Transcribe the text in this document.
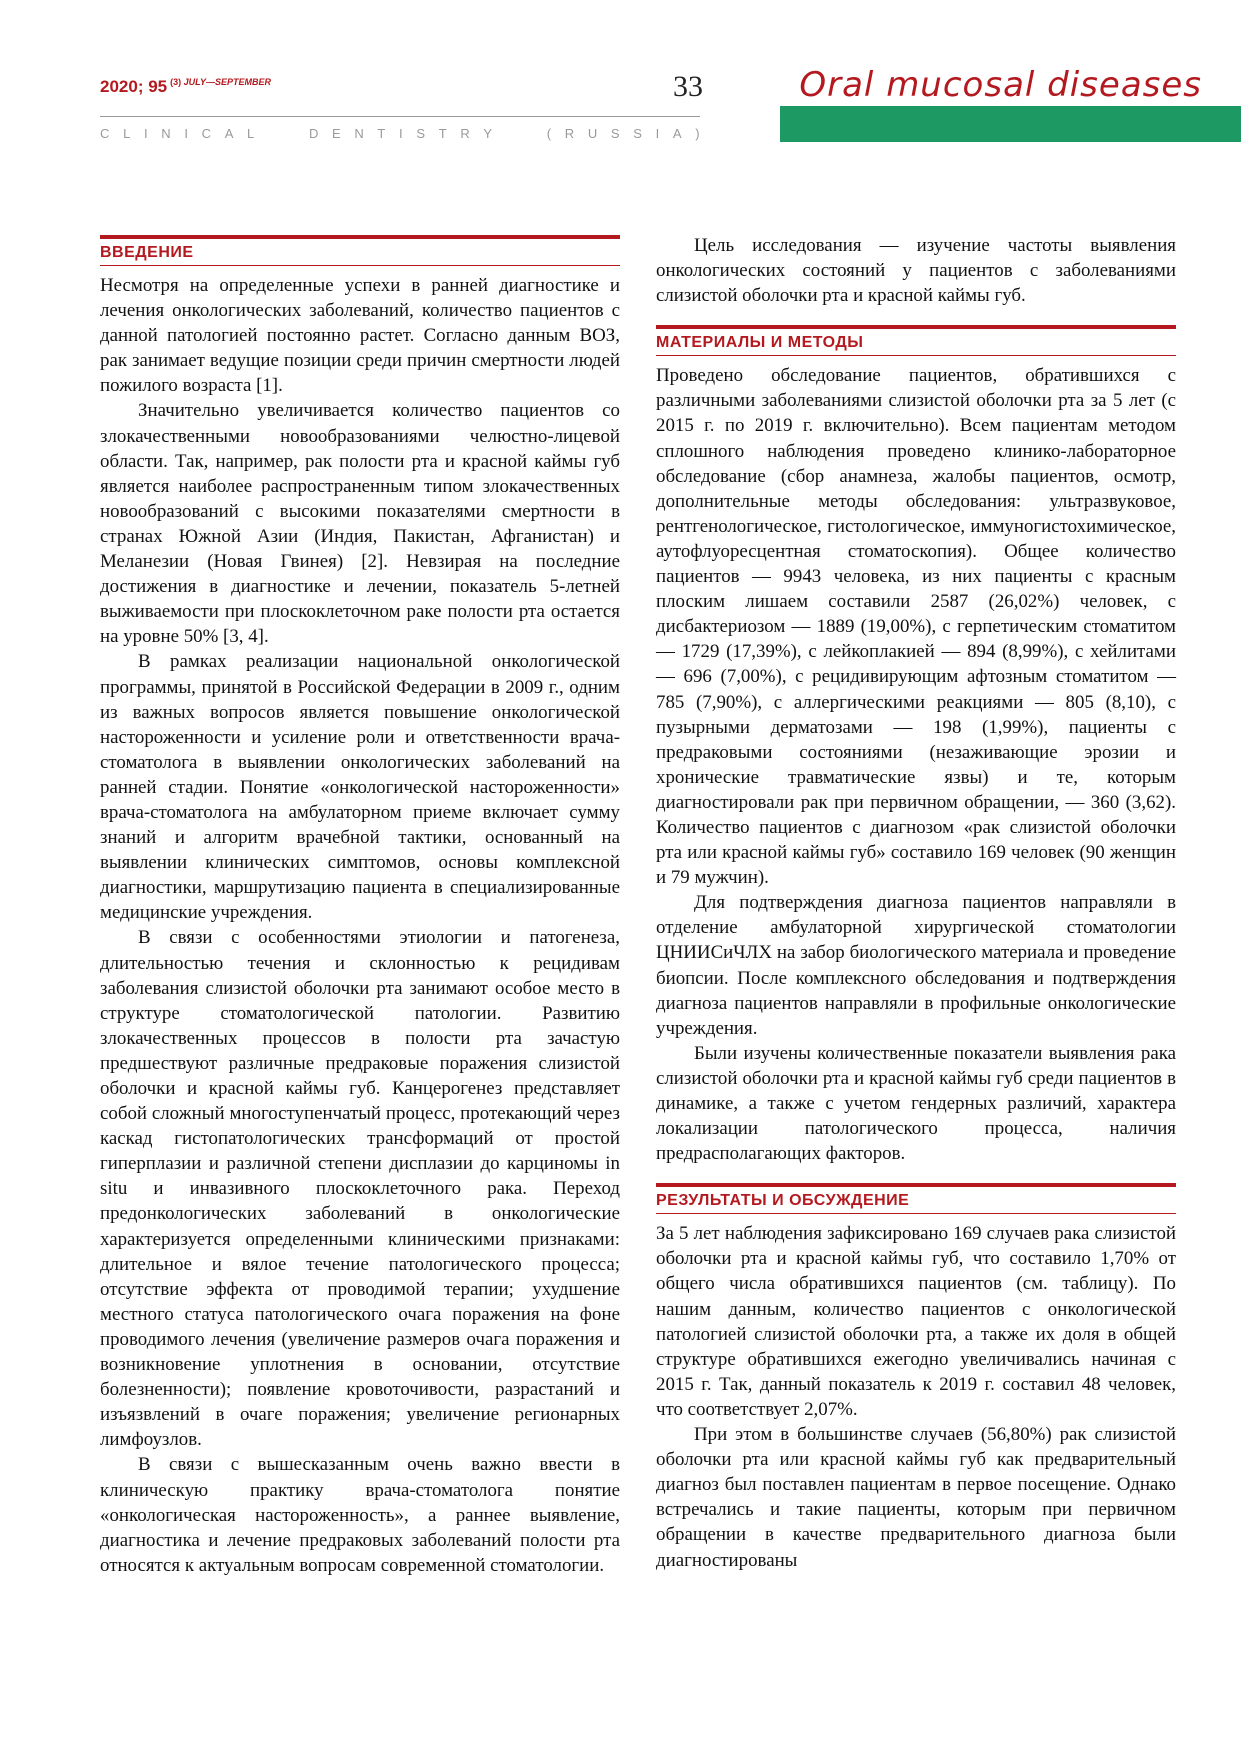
2020; 95 $^{(3) JULY—SEPTEMBER}$	33
C L I N I C A L	D E N T I S T R Y	( R U S S I A )
Oral mucosal diseases
ВВЕДЕНИЕ

Несмотря на определенные успехи в ранней диагностике и лечения онкологических заболеваний, количество пациентов с данной патологией постоянно растет. Согласно данным ВОЗ, рак занимает ведущие позиции среди причин смертности людей пожилого возраста [1].

Значительно увеличивается количество пациентов со злокачественными новообразованиями челюстно-лицевой области. Так, например, рак полости рта и красной каймы губ является наиболее распространенным типом злокачественных новообразований с высокими показателями смертности в странах Южной Азии (Индия, Пакистан, Афганистан) и Меланезии (Новая Гвинея) [2]. Невзирая на последние достижения в диагностике и лечении, показатель 5-летней выживаемости при плоскоклеточном раке полости рта остается на уровне 50% [3, 4].

В рамках реализации национальной онкологической программы, принятой в Российской Федерации в 2009 г., одним из важных вопросов является повышение онкологической настороженности и усиление роли и ответственности врача-стоматолога в выявлении онкологических заболеваний на ранней стадии. Понятие «онкологической настороженности» врача-стоматолога на амбулаторном приеме включает сумму знаний и алгоритм врачебной тактики, основанный на выявлении клинических симптомов, основы комплексной диагностики, маршрутизацию пациента в специализированные медицинские учреждения.

В связи с особенностями этиологии и патогенеза, длительностью течения и склонностью к рецидивам заболевания слизистой оболочки рта занимают особое место в структуре стоматологической патологии. Развитию злокачественных процессов в полости рта зачастую предшествуют различные предраковые поражения слизистой оболочки и красной каймы губ. Канцерогенез представляет собой сложный многоступенчатый процесс, протекающий через каскад гистопатологических трансформаций от простой гиперплазии и различной степени дисплазии до карциномы in situ и инвазивного плоскоклеточного рака. Переход предонкологических заболеваний в онкологические характеризуется определенными клиническими признаками: длительное и вялое течение патологического процесса; отсутствие эффекта от проводимой терапии; ухудшение местного статуса патологического очага поражения на фоне проводимого лечения (увеличение размеров очага поражения и возникновение уплотнения в основании, отсутствие болезненности); появление кровоточивости, разрастаний и изъязвлений в очаге поражения; увеличение регионарных лимфоузлов.

В связи с вышесказанным очень важно ввести в клиническую практику врача-стоматолога понятие «онкологическая настороженность», а раннее выявление, диагностика и лечение предраковых заболеваний полости рта относятся к актуальным вопросам современной стоматологии.

Цель исследования — изучение частоты выявления онкологических состояний у пациентов с заболеваниями слизистой оболочки рта и красной каймы губ.

МАТЕРИАЛЫ И МЕТОДЫ

Проведено обследование пациентов, обратившихся с различными заболеваниями слизистой оболочки рта за 5 лет (с 2015 г. по 2019 г. включительно). Всем пациентам методом сплошного наблюдения проведено клинико-лабораторное обследование (сбор анамнеза, жалобы пациентов, осмотр, дополнительные методы обследования: ультразвуковое, рентгенологическое, гистологическое, иммуногистохимическое, аутофлуоресцентная стоматоскопия). Общее количество пациентов — 9943 человека, из них пациенты с красным плоским лишаем составили 2587 (26,02%) человек, с дисбактериозом — 1889 (19,00%), с герпетическим стоматитом — 1729 (17,39%), с лейкоплакией — 894 (8,99%), с хейлитами — 696 (7,00%), с рецидивирующим афтозным стоматитом — 785 (7,90%), с аллергическими реакциями — 805 (8,10), с пузырными дерматозами — 198 (1,99%), пациенты с предраковыми состояниями (незаживающие эрозии и хронические травматические язвы) и те, которым диагностировали рак при первичном обращении, — 360 (3,62). Количество пациентов с диагнозом «рак слизистой оболочки рта или красной каймы губ» составило 169 человек (90 женщин и 79 мужчин).

Для подтверждения диагноза пациентов направляли в отделение амбулаторной хирургической стоматологии ЦНИИСиЧЛХ на забор биологического материала и проведение биопсии. После комплексного обследования и подтверждения диагноза пациентов направляли в профильные онкологические учреждения.

Были изучены количественные показатели выявления рака слизистой оболочки рта и красной каймы губ среди пациентов в динамике, а также с учетом гендерных различий, характера локализации патологического процесса, наличия предрасполагающих факторов.

РЕЗУЛЬТАТЫ И ОБСУЖДЕНИЕ

За 5 лет наблюдения зафиксировано 169 случаев рака слизистой оболочки рта и красной каймы губ, что составило 1,70% от общего числа обратившихся пациентов (см. таблицу). По нашим данным, количество пациентов с онкологической патологией слизистой оболочки рта, а также их доля в общей структуре обратившихся ежегодно увеличивались начиная с 2015 г. Так, данный показатель к 2019 г. составил 48 человек, что соответствует 2,07%.

При этом в большинстве случаев (56,80%) рак слизистой оболочки рта или красной каймы губ как предварительный диагноз был поставлен пациентам в первое посещение. Однако встречались и такие пациенты, которым при первичном обращении в качестве предварительного диагноза были диагностированы
